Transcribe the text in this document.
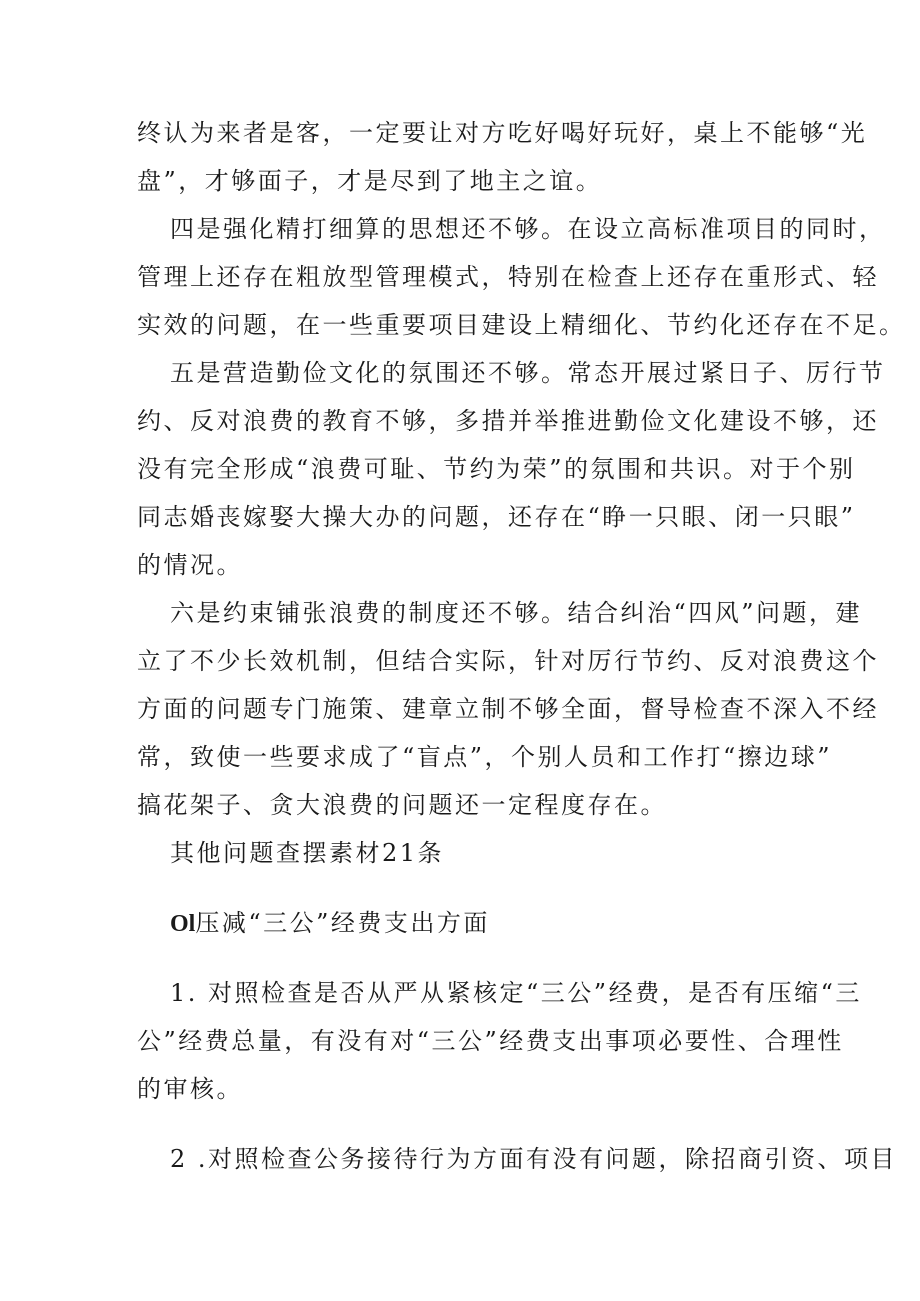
终认为来者是客，一定要让对方吃好喝好玩好，桌上不能够“光
盘”，才够面子，才是尽到了地主之谊。
四是强化精打细算的思想还不够。在设立高标准项目的同时，
管理上还存在粗放型管理模式，特别在检查上还存在重形式、轻
实效的问题，在一些重要项目建设上精细化、节约化还存在不足。
五是营造勤俭文化的氛围还不够。常态开展过紧日子、厉行节
约、反对浪费的教育不够，多措并举推进勤俭文化建设不够，还
没有完全形成“浪费可耻、节约为荣”的氛围和共识。对于个别
同志婚丧嫁娶大操大办的问题，还存在“睁一只眼、闭一只眼”
的情况。
六是约束铺张浪费的制度还不够。结合纠治“四风”问题，建
立了不少长效机制，但结合实际，针对厉行节约、反对浪费这个
方面的问题专门施策、建章立制不够全面，督导检查不深入不经
常，致使一些要求成了“盲点”，个别人员和工作打“擦边球”
搞花架子、贪大浪费的问题还一定程度存在。
其他问题查摆素材21条
Ol压减“三公”经费支出方面
1. 对照检查是否从严从紧核定“三公”经费，是否有压缩“三
公”经费总量，有没有对“三公”经费支出事项必要性、合理性
的审核。
2 .对照检查公务接待行为方面有没有问题，除招商引资、项目
